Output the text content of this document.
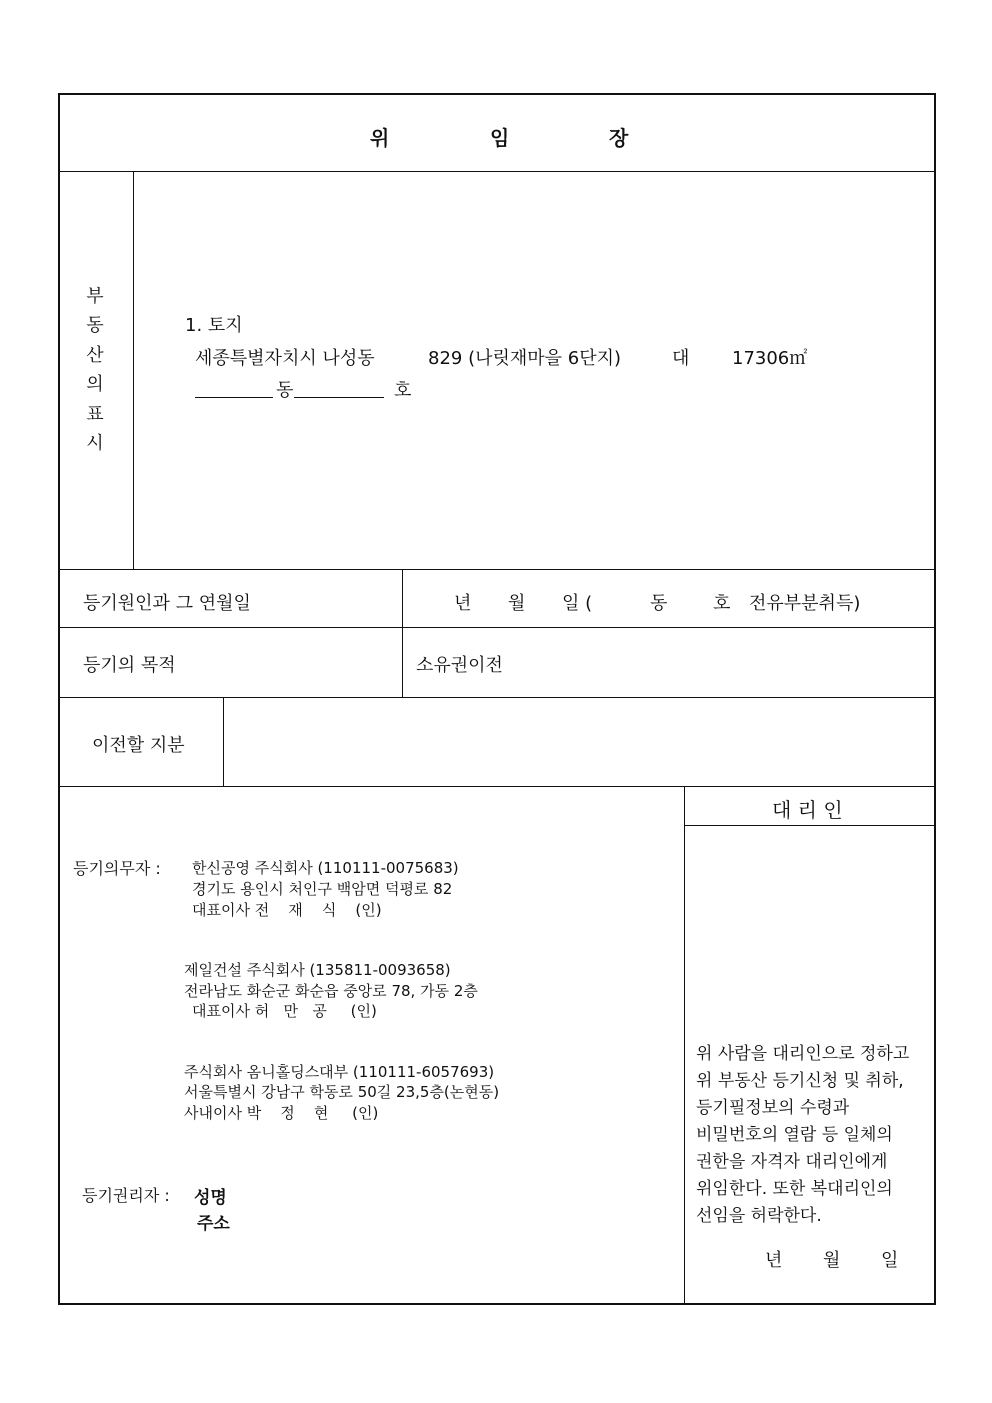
위	임	장
부
동
산
의
표
시
1. 토지
세종특별자치시 나성동	829 (나릿재마을 6단지)	대 17306㎡
동	호
등기원인과 그 연월일	년 월 일 (	동	호 전유부분취득)
등기의 목적	소유권이전
이전할 지분
대 리 인
위 사람을 대리인으로 정하고
위 부동산 등기신청 및 취하,
등기필정보의 수령과
비밀번호의 열람 등 일체의
권한을 자격자 대리인에게
위임한다. 또한 복대리인의
선임을 허락한다.
년 월 일
등기의무자 : 한신공영 주식회사 (110111-0075683)
경기도 용인시 처인구 백암면 덕평로 82
대표이사 전    재    식    (인)
제일건설 주식회사 (135811-0093658)
전라남도 화순군 화순읍 중앙로 78, 가동 2층
대표이사 허   만   공     (인)
주식회사 옴니홀딩스대부 (110111-6057693)
서울특별시 강남구 학동로 50길 23,5층(논현동)
사내이사 박    정    현     (인)
등기권리자 : 성명
주소
